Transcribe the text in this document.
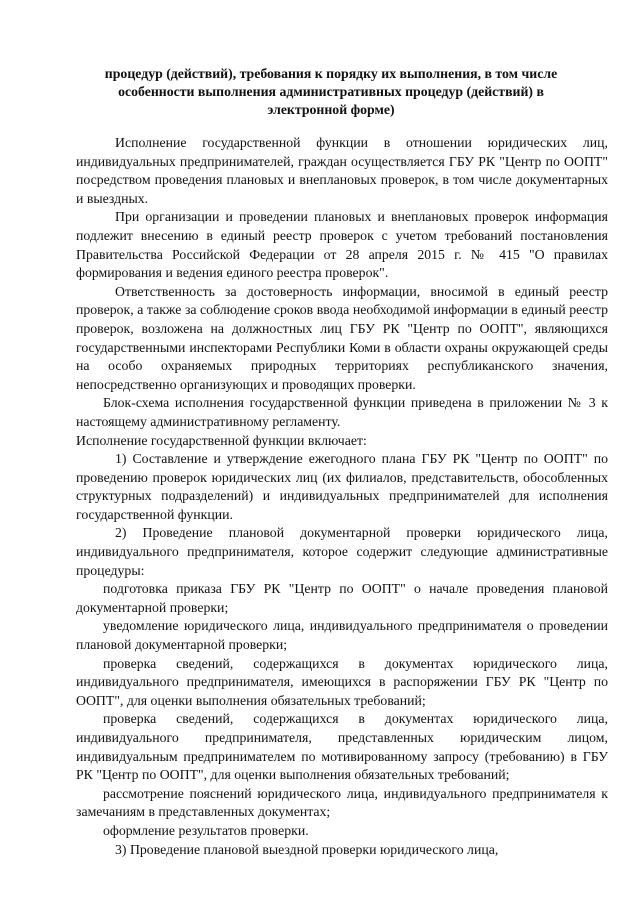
процедур (действий), требования к порядку их выполнения, в том числе
особенности выполнения административных процедур (действий) в
электронной форме)

Исполнение государственной функции в отношении юридических лиц, индивидуальных предпринимателей, граждан осуществляется ГБУ РК "Центр по ООПТ" посредством проведения плановых и внеплановых проверок, в том числе документарных и выездных.

При организации и проведении плановых и внеплановых проверок информация подлежит внесению в единый реестр проверок с учетом требований постановления Правительства Российской Федерации от 28 апреля 2015 г. № 415 "О правилах формирования и ведения единого реестра проверок".

Ответственность за достоверность информации, вносимой в единый реестр проверок, а также за соблюдение сроков ввода необходимой информации в единый реестр проверок, возложена на должностных лиц ГБУ РК "Центр по ООПТ", являющихся государственными инспекторами Республики Коми в области охраны окружающей среды на особо охраняемых природных территориях республиканского значения, непосредственно организующих и проводящих проверки.

Блок-схема исполнения государственной функции приведена в приложении № 3 к настоящему административному регламенту.

Исполнение государственной функции включает:

1) Составление и утверждение ежегодного плана ГБУ РК "Центр по ООПТ" по проведению проверок юридических лиц (их филиалов, представительств, обособленных структурных подразделений) и индивидуальных предпринимателей для исполнения государственной функции.

2) Проведение плановой документарной проверки юридического лица, индивидуального предпринимателя, которое содержит следующие административные процедуры:

подготовка приказа ГБУ РК "Центр по ООПТ" о начале проведения плановой документарной проверки;

уведомление юридического лица, индивидуального предпринимателя о проведении плановой документарной проверки;

проверка сведений, содержащихся в документах юридического лица, индивидуального предпринимателя, имеющихся в распоряжении ГБУ РК "Центр по ООПТ", для оценки выполнения обязательных требований;

проверка сведений, содержащихся в документах юридического лица, индивидуального предпринимателя, представленных юридическим лицом, индивидуальным предпринимателем по мотивированному запросу (требованию) в ГБУ РК "Центр по ООПТ", для оценки выполнения обязательных требований;

рассмотрение пояснений юридического лица, индивидуального предпринимателя к замечаниям в представленных документах;

оформление результатов проверки.

3) Проведение плановой выездной проверки юридического лица,
